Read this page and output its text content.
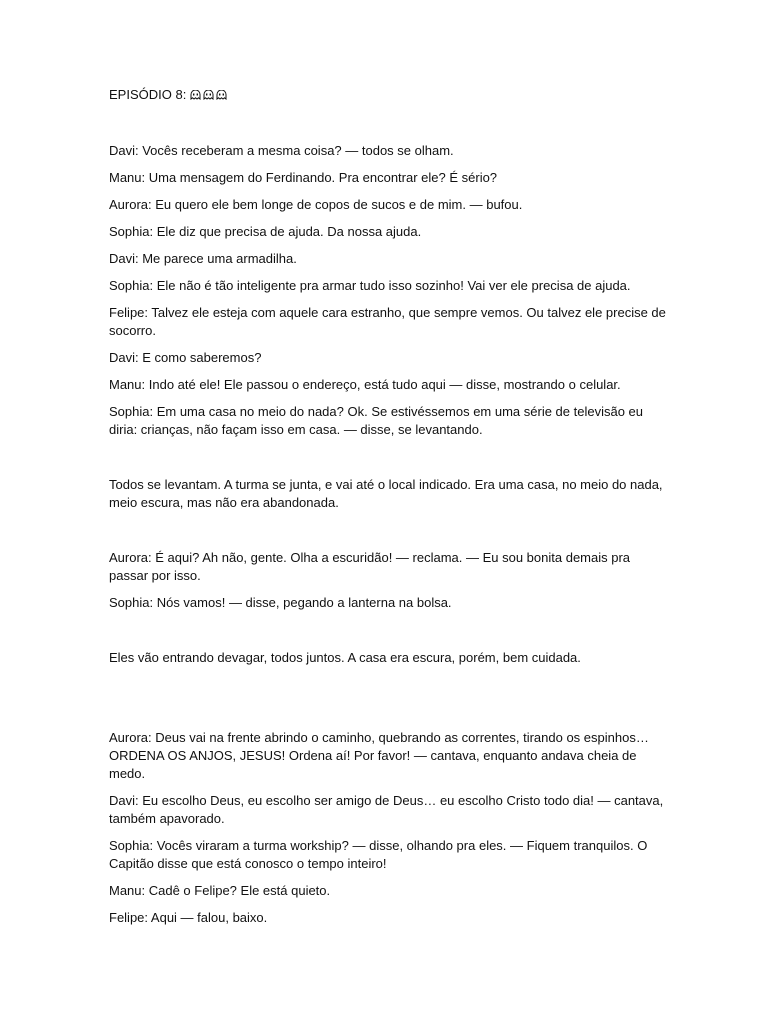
EPISÓDIO 8:

Davi: Vocês receberam a mesma coisa? — todos se olham.

Manu: Uma mensagem do Ferdinando. Pra encontrar ele? É sério?

Aurora: Eu quero ele bem longe de copos de sucos e de mim. — bufou.

Sophia: Ele diz que precisa de ajuda. Da nossa ajuda.

Davi: Me parece uma armadilha.

Sophia: Ele não é tão inteligente pra armar tudo isso sozinho! Vai ver ele precisa de ajuda.

Felipe: Talvez ele esteja com aquele cara estranho, que sempre vemos. Ou talvez ele precise de socorro.

Davi: E como saberemos?

Manu: Indo até ele! Ele passou o endereço, está tudo aqui — disse, mostrando o celular.

Sophia: Em uma casa no meio do nada? Ok. Se estivéssemos em uma série de televisão eu diria: crianças, não façam isso em casa. — disse, se levantando.

Todos se levantam. A turma se junta, e vai até o local indicado. Era uma casa, no meio do nada, meio escura, mas não era abandonada.

Aurora: É aqui? Ah não, gente. Olha a escuridão! — reclama. — Eu sou bonita demais pra passar por isso.

Sophia: Nós vamos! — disse, pegando a lanterna na bolsa.

Eles vão entrando devagar, todos juntos. A casa era escura, porém, bem cuidada.

Aurora: Deus vai na frente abrindo o caminho, quebrando as correntes, tirando os espinhos… ORDENA OS ANJOS, JESUS! Ordena aí! Por favor! — cantava, enquanto andava cheia de medo.

Davi: Eu escolho Deus, eu escolho ser amigo de Deus… eu escolho Cristo todo dia! — cantava, também apavorado.

Sophia: Vocês viraram a turma workship? — disse, olhando pra eles. — Fiquem tranquilos. O Capitão disse que está conosco o tempo inteiro!

Manu: Cadê o Felipe? Ele está quieto.

Felipe: Aqui — falou, baixo.
